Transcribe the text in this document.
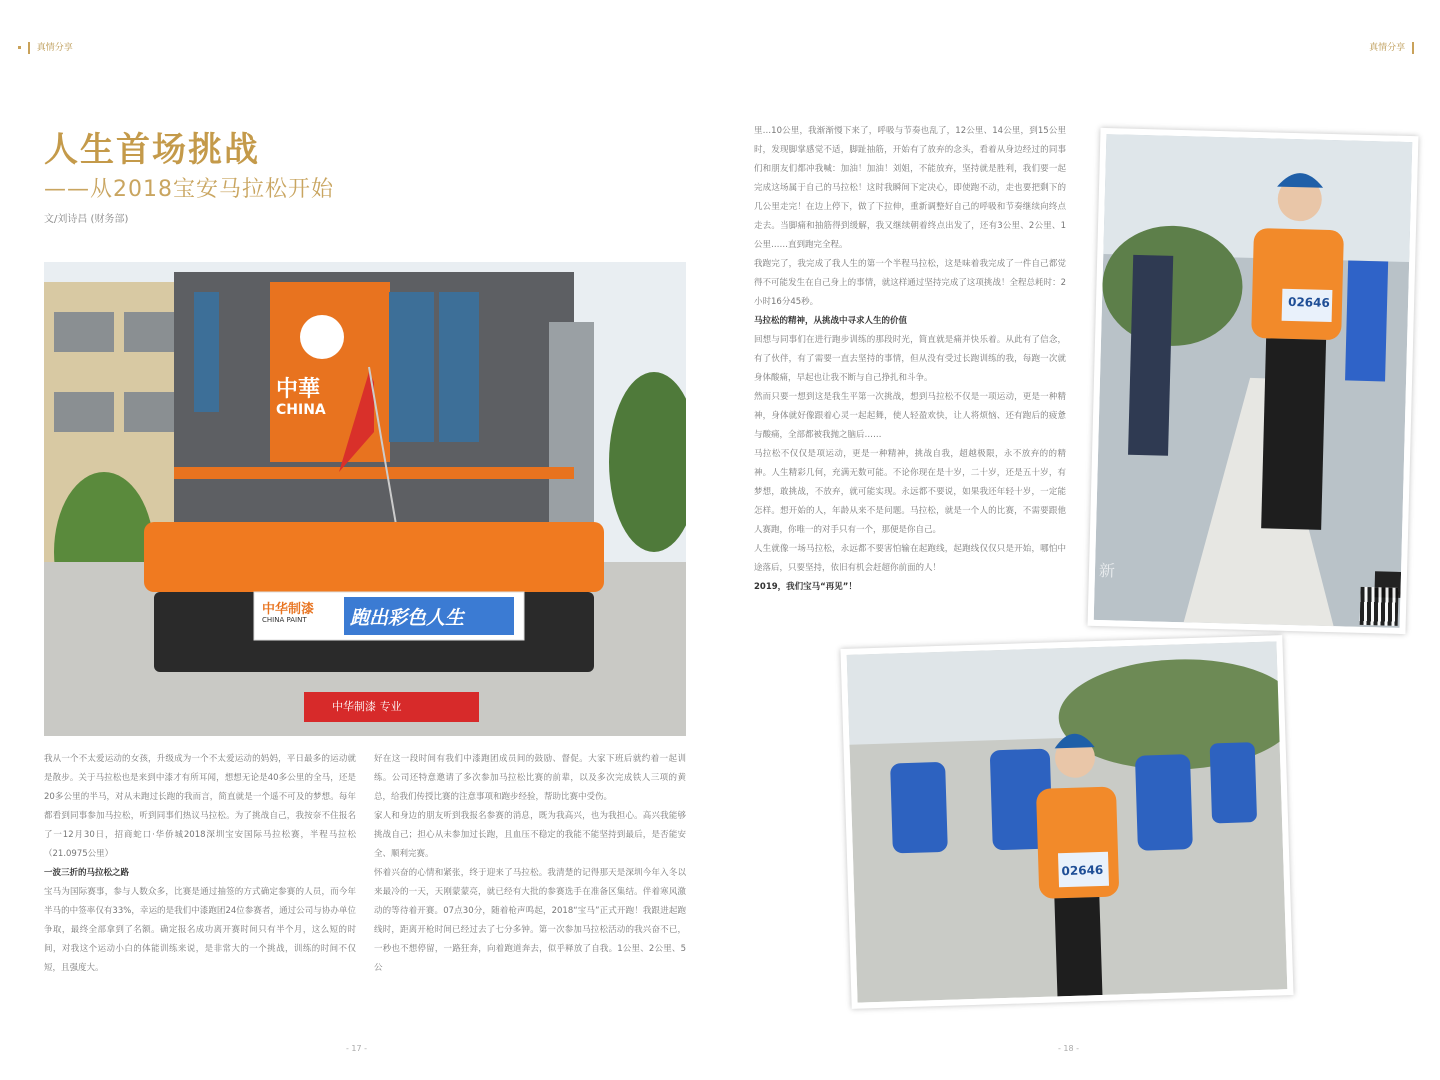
真情分享	真情分享
人生首场挑战
——从2018宝安马拉松开始
文/刘诗昌 (财务部)
中華
CHINA
中华制漆
CHINA PAINT 跑出彩色人生
中华制漆 专业

我从一个不太爱运动的女孩，升级成为一个不太爱运动的妈妈，平日最多的运动就是散步。关于马拉松也是来到中漆才有所耳闻，想想无论是40多公里的全马，还是20多公里的半马，对从未跑过长跑的我而言，简直就是一个遥不可及的梦想。每年都看到同事参加马拉松，听到同事们热议马拉松。为了挑战自己，我按奈不住报名了一12月30日，招商蛇口·华侨城2018深圳宝安国际马拉松赛，半程马拉松（21.0975公里）

一波三折的马拉松之路

宝马为国际赛事，参与人数众多，比赛是通过抽签的方式确定参赛的人员，而今年半马的中签率仅有33%，幸运的是我们中漆跑团24位参赛者，通过公司与协办单位争取，最终全部拿到了名额。确定报名成功离开赛时间只有半个月，这么短的时间，对我这个运动小白的体能训练来说，是非常大的一个挑战，训练的时间不仅短，且强度大。

好在这一段时间有我们中漆跑团成员间的鼓励、督促。大家下班后就约着一起训练。公司还特意邀请了多次参加马拉松比赛的前辈，以及多次完成铁人三项的黄总，给我们传授比赛的注意事项和跑步经验，帮助比赛中受伤。

家人和身边的朋友听到我报名参赛的消息，既为我高兴，也为我担心。高兴我能够挑战自己；担心从未参加过长跑，且血压不稳定的我能不能坚持到最后，是否能安全、顺利完赛。

怀着兴奋的心情和紧张，终于迎来了马拉松。我清楚的记得那天是深圳今年入冬以来最冷的一天，天刚蒙蒙亮，就已经有大批的参赛选手在准备区集结。伴着寒风激动的等待着开赛。07点30分，随着枪声鸣起，2018“宝马”正式开跑！我跟进起跑线时，距离开枪时间已经过去了七分多钟。第一次参加马拉松活动的我兴奋不已，一秒也不想停留，一路狂奔，向着跑道奔去，似乎释放了自我。1公里、2公里、5公

里…10公里，我渐渐慢下来了，呼吸与节奏也乱了，12公里、14公里，到15公里时，发现脚掌感觉不适，脚趾抽筋，开始有了放弃的念头，看着从身边经过的同事们和朋友们都冲我喊：加油！加油！刘姐，不能放弃，坚持就是胜利，我们要一起完成这场属于自己的马拉松！这时我瞬间下定决心，即使跑不动，走也要把剩下的几公里走完！在边上停下，做了下拉伸，重新调整好自己的呼吸和节奏继续向终点走去。当脚痛和抽筋得到缓解，我又继续朝着终点出发了，还有3公里、2公里、1公里……直到跑完全程。

我跑完了，我完成了我人生的第一个半程马拉松，这是味着我完成了一件自己都觉得不可能发生在自己身上的事情，就这样通过坚持完成了这项挑战！全程总耗时：2小时16分45秒。

马拉松的精神，从挑战中寻求人生的价值

回想与同事们在进行跑步训练的那段时光，简直就是痛并快乐着。从此有了信念，有了伙伴，有了需要一直去坚持的事情，但从没有受过长跑训练的我，每跑一次就身体酸痛，早起也让我不断与自己挣扎和斗争。

然而只要一想到这是我生平第一次挑战，想到马拉松不仅是一项运动，更是一种精神，身体就好像跟着心灵一起起舞，使人轻盈欢快，让人将烦恼、还有跑后的疲惫与酸痛，全部都被我抛之脑后……

马拉松不仅仅是项运动，更是一种精神，挑战自我，超越极限，永不放弃的的精神。人生精彩几何，充满无数可能。不论你现在是十岁，二十岁，还是五十岁，有梦想，敢挑战，不放弃，就可能实现。永远都不要说，如果我还年轻十岁，一定能怎样。想开始的人，年龄从来不是问题。马拉松，就是一个人的比赛，不需要跟他人赛跑，你唯一的对手只有一个，那便是你自己。

人生就像一场马拉松，永远都不要害怕输在起跑线，起跑线仅仅只是开始，哪怕中途落后，只要坚持，依旧有机会赶超你前面的人！

2019，我们宝马“再见”！

02646
新
02646
- 17 -	- 18 -
